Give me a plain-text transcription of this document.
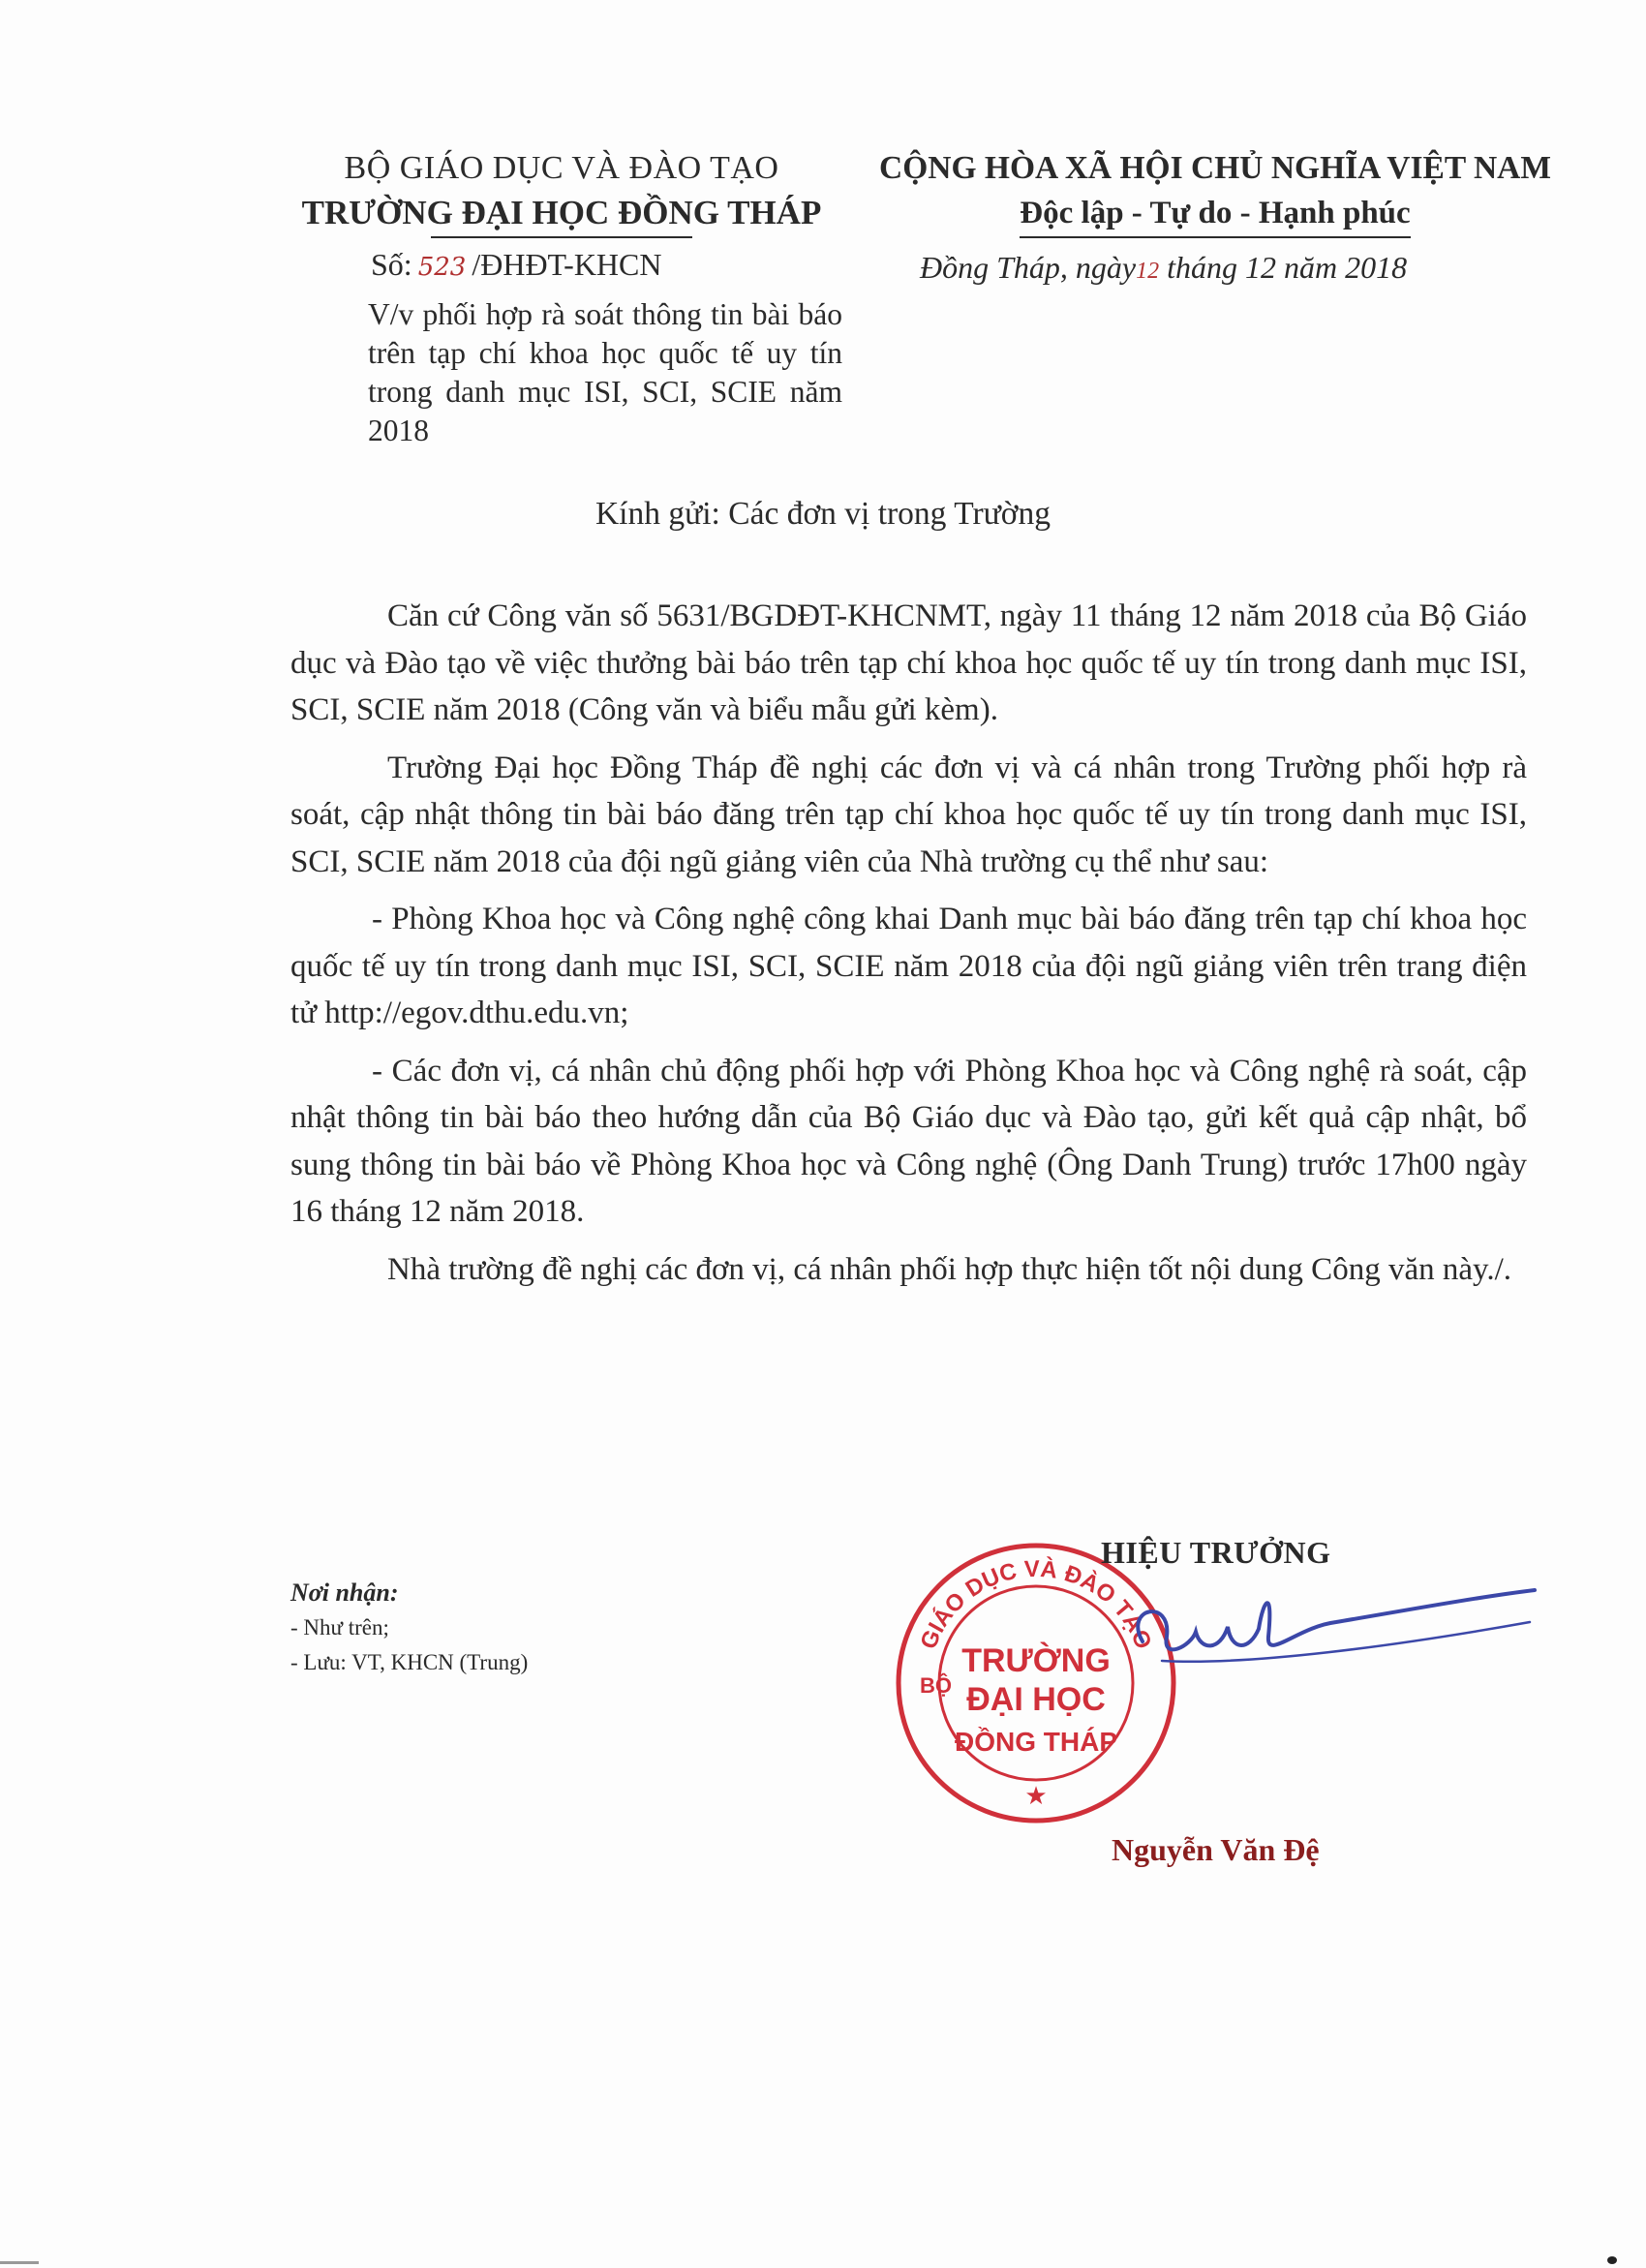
BỘ GIÁO DỤC VÀ ĐÀO TẠO
TRƯỜNG ĐẠI HỌC ĐỒNG THÁP
Số: 523 /ĐHĐT-KHCN
V/v phối hợp rà soát thông tin bài báo trên tạp chí khoa học quốc tế uy tín trong danh mục ISI, SCI, SCIE năm 2018
CỘNG HÒA XÃ HỘI CHỦ NGHĨA VIỆT NAM
Độc lập - Tự do - Hạnh phúc
Đồng Tháp, ngày12 tháng 12 năm 2018
Kính gửi: Các đơn vị trong Trường

Căn cứ Công văn số 5631/BGDĐT-KHCNMT, ngày 11 tháng 12 năm 2018 của Bộ Giáo dục và Đào tạo về việc thưởng bài báo trên tạp chí khoa học quốc tế uy tín trong danh mục ISI, SCI, SCIE năm 2018 (Công văn và biểu mẫu gửi kèm).

Trường Đại học Đồng Tháp đề nghị các đơn vị và cá nhân trong Trường phối hợp rà soát, cập nhật thông tin bài báo đăng trên tạp chí khoa học quốc tế uy tín trong danh mục ISI, SCI, SCIE năm 2018 của đội ngũ giảng viên của Nhà trường cụ thể như sau:

- Phòng Khoa học và Công nghệ công khai Danh mục bài báo đăng trên tạp chí khoa học quốc tế uy tín trong danh mục ISI, SCI, SCIE năm 2018 của đội ngũ giảng viên trên trang điện tử http://egov.dthu.edu.vn;

- Các đơn vị, cá nhân chủ động phối hợp với Phòng Khoa học và Công nghệ rà soát, cập nhật thông tin bài báo theo hướng dẫn của Bộ Giáo dục và Đào tạo, gửi kết quả cập nhật, bổ sung thông tin bài báo về Phòng Khoa học và Công nghệ (Ông Danh Trung) trước 17h00 ngày 16 tháng 12 năm 2018.

Nhà trường đề nghị các đơn vị, cá nhân phối hợp thực hiện tốt nội dung Công văn này./.

Nơi nhận:
- Như trên;
- Lưu: VT, KHCN (Trung)	TRƯỜNG
ĐẠI HỌC
ĐỒNG THÁP
GIÁO DỤC VÀ ĐÀO TẠO
BỘ
★
HIỆU TRƯỞNG
Nguyễn Văn Đệ
